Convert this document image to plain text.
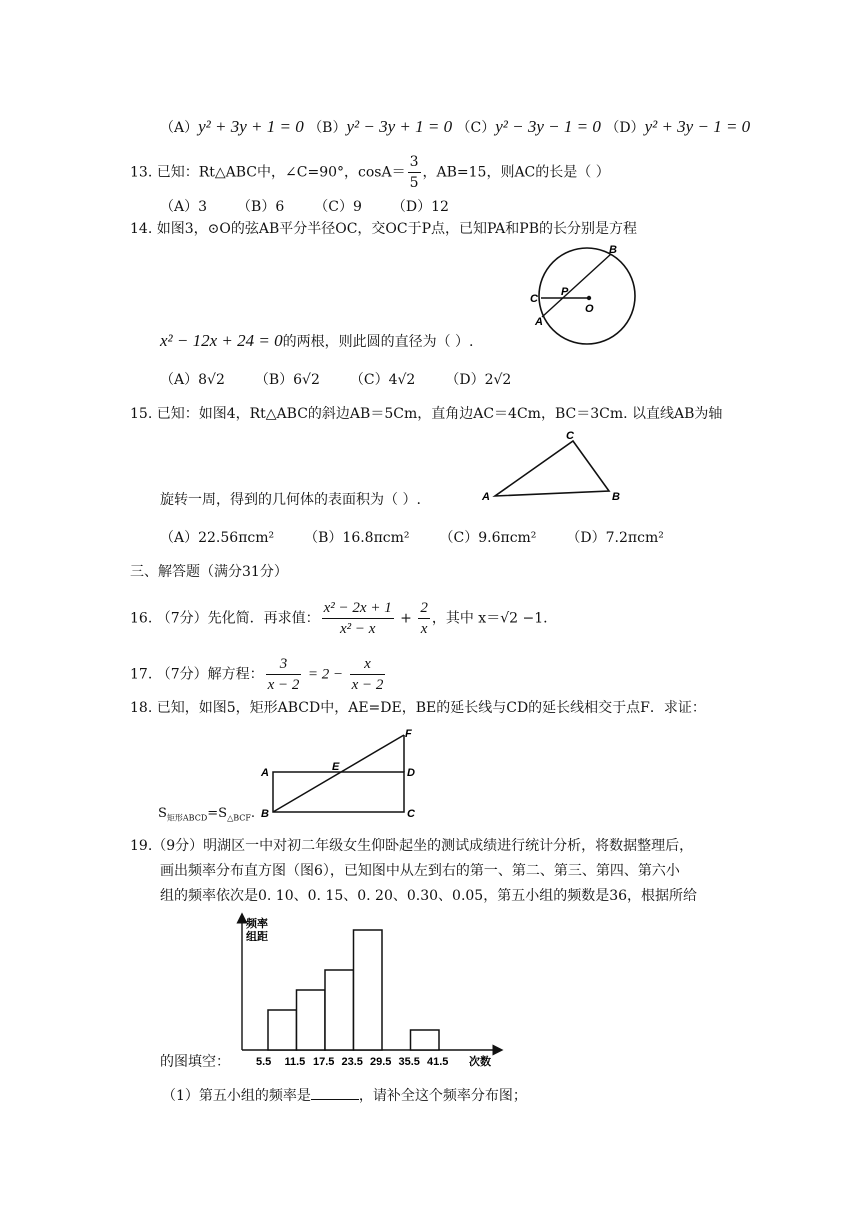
（A）y² + 3y + 1 = 0 （B）y² − 3y + 1 = 0 （C）y² − 3y − 1 = 0 （D）y² + 3y − 1 = 0
13. 已知：Rt△ABC中，∠C=90°，$\cos A= \frac{3}{5}$ ，AB=15，则AC的长是（ ）
（A）3 （B）6 （C）9 （D）12
14. 如图3，⊙O的弦AB平分半径OC，交OC于P点，已知PA和PB的长分别是方程
B
C
P
O
A
x² − 12x + 24 = 0的两根，则此圆的直径为（ ）.
（A）8√2 （B）6√2 （C）4√2 （D）2√2
15. 已知：如图4，Rt△ABC的斜边AB＝5Cm，直角边AC＝4Cm，BC＝3Cm. 以直线AB为轴
A	B
C
旋转一周，得到的几何体的表面积为（ ）.
（A）22.56πcm² （B）16.8πcm² （C）9.6πcm² （D）7.2πcm²
三、解答题（满分31分）
16. （7分）先化简．再求值： $\frac{\text{x² − 2x + 1}}{\text{x² − x}} + \frac{2}{x}$ ，其中 x＝√2 −1.
17. （7分）解方程： $\frac{3}{x - 2} = 2 - \frac{x}{x - 2}$
18. 已知，如图5，矩形ABCD中，AE=DE，BE的延长线与CD的延长线相交于点F．求证：
A
B	C
D
E
F
$S_{矩形ABCD}=S_{\triangle BCF}$.
19.（9分）明湖区一中对初二年级女生仰卧起坐的测试成绩进行统计分析，将数据整理后，
画出频率分布直方图（图6），已知图中从左到右的第一、第二、第三、第四、第六小
组的频率依次是0. 10、0. 15、0. 20、0.30、0.05，第五小组的频数是36，根据所给
5.5 11.5 17.5 23.5 29.5 35.5 41.5
频率
组距
次数
的图填空：
（1）第五小组的频率是	，请补全这个频率分布图；
